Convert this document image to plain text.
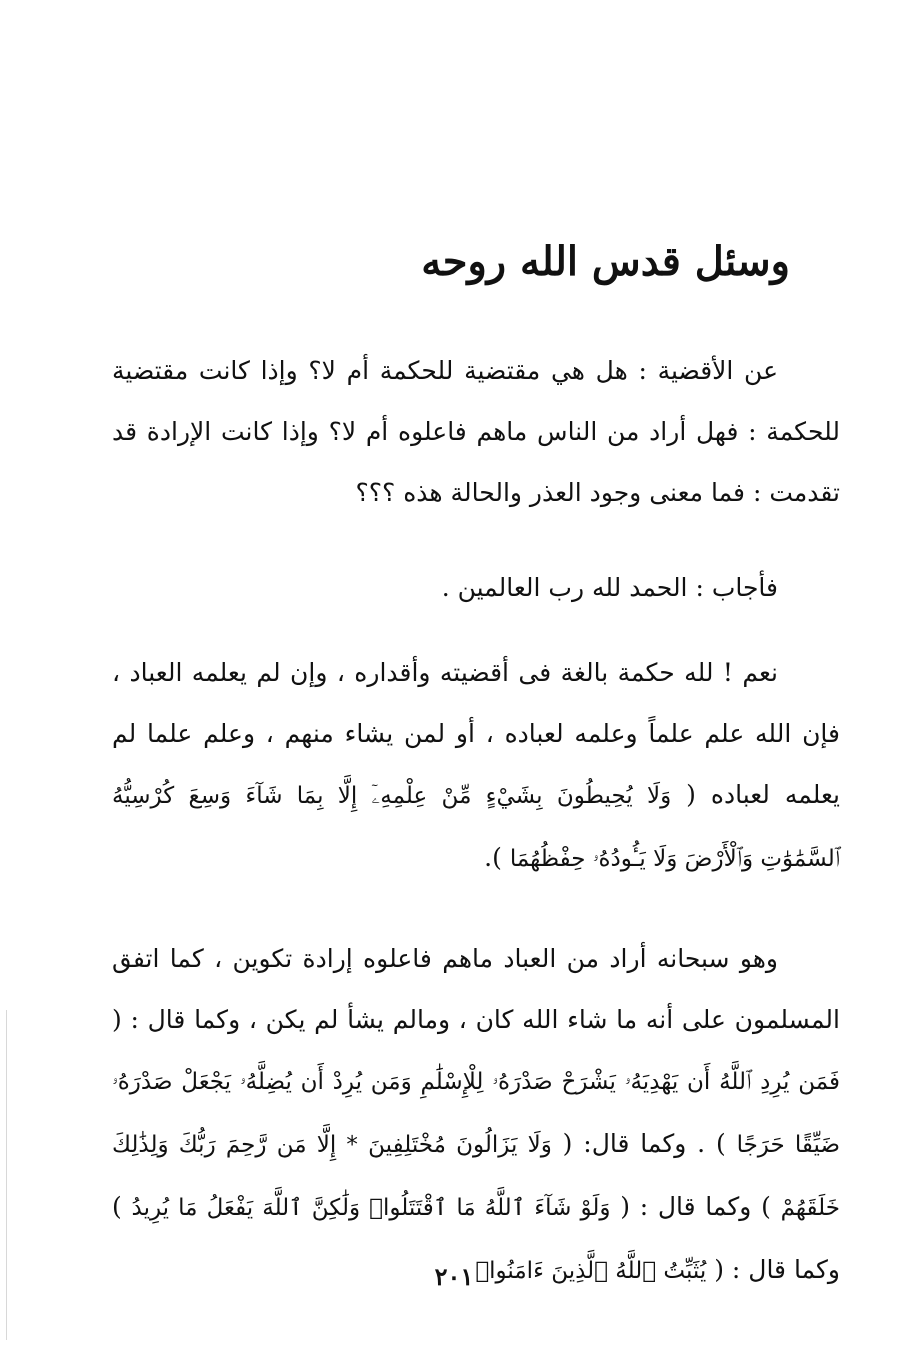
وسئل قدس الله روحه
عن الأقضية : هل هي مقتضية للحكمة أم لا؟ وإذا كانت مقتضية للحكمة : فهل أراد من الناس ماهم فاعلوه أم لا؟ وإذا كانت الإرادة قد تقدمت : فما معنى وجود العذر والحالة هذه ؟؟؟
فأجاب : الحمد لله رب العالمين .
نعم ! لله حكمة بالغة فى أقضيته وأقداره ، وإن لم يعلمه العباد ، فإن الله علم علماً وعلمه لعباده ، أو لمن يشاء منهم ، وعلم علما لم يعلمه لعباده ( وَلَا يُحِيطُونَ بِشَيْءٍ مِّنْ عِلْمِهِۦٓ إِلَّا بِمَا شَآءَ وَسِعَ كُرْسِيُّهُ ٱلسَّمَٰوَٰتِ وَٱلْأَرْضَ وَلَا يَـُٔودُهُۥ حِفْظُهُمَا ).
وهو سبحانه أراد من العباد ماهم فاعلوه إرادة تكوين ، كما اتفق المسلمون على أنه ما شاء الله كان ، ومالم يشأ لم يكن ، وكما قال : ( فَمَن يُرِدِ ٱللَّهُ أَن يَهْدِيَهُۥ يَشْرَحْ صَدْرَهُۥ لِلْإِسْلَٰمِ وَمَن يُرِدْ أَن يُضِلَّهُۥ يَجْعَلْ صَدْرَهُۥ ضَيِّقًا حَرَجًا ) . وكما قال: ( وَلَا يَزَالُونَ مُخْتَلِفِينَ * إِلَّا مَن رَّحِمَ رَبُّكَ وَلِذَٰلِكَ خَلَقَهُمْ ) وكما قال : ( وَلَوْ شَآءَ ٱللَّهُ مَا ٱقْتَتَلُوا۟ وَلَٰكِنَّ ٱللَّهَ يَفْعَلُ مَا يُرِيدُ ) وكما قال : ( يُثَبِّتُ ٱللَّهُ ٱلَّذِينَ ءَامَنُوا۟
٢٠١
